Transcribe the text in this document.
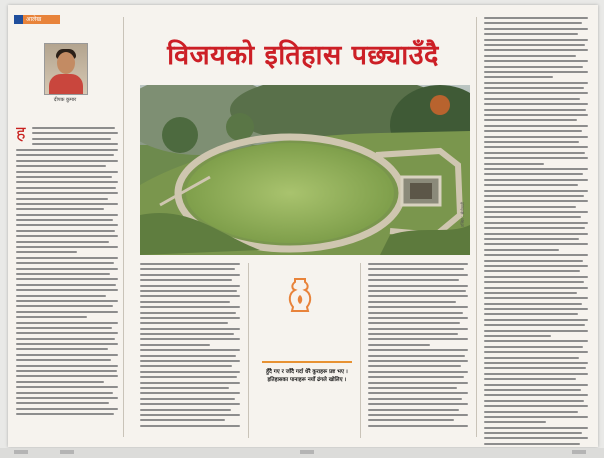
आलेख
दीपक कुमार
ह
विजयको इतिहास पछ्याउँदै
तस्बिर : सेतोपाटी
हुँदै गए र जाँदै गर्दा धेरै कुराहरू प्रष्ट भए । इतिहासका पानाहरू नयाँ ढंगले खोलिए ।
